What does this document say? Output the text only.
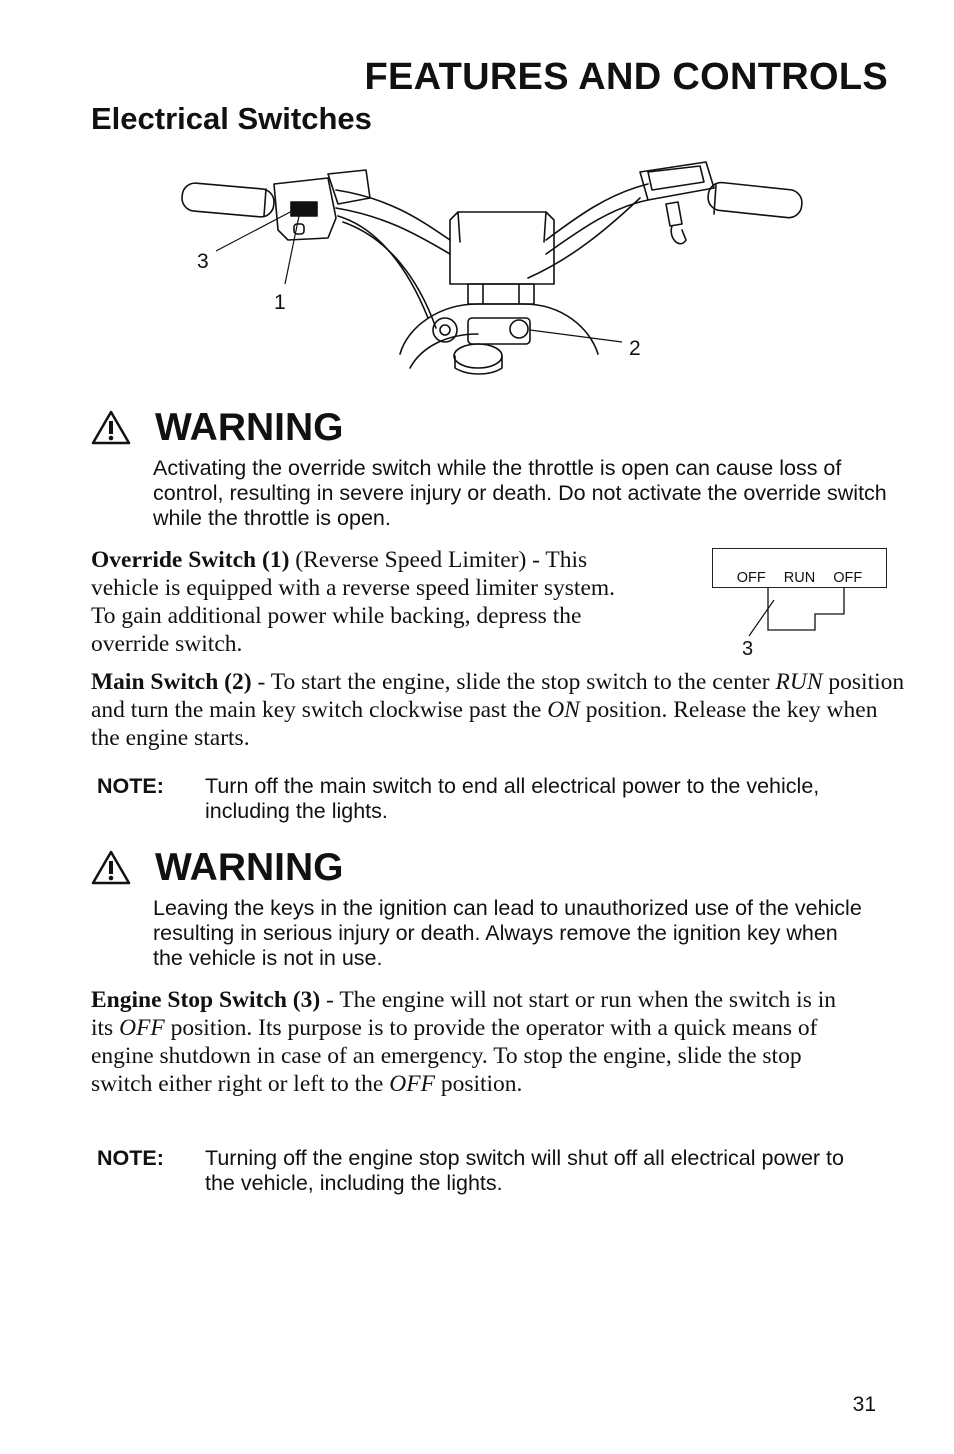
FEATURES AND CONTROLS
Electrical Switches
3
1
2
WARNING
Activating the override switch while the throttle is open can cause loss of control, resulting in severe injury or death. Do not activate the override switch while the throttle is open.
Override Switch (1) (Reverse Speed Limiter) - This vehicle is equipped with a reverse speed limiter system. To gain additional power while backing, depress the override switch.
OFF RUN OFF
3
Main Switch (2) - To start the engine, slide the stop switch to the center RUN position and turn the main key switch clockwise past the ON position. Release the key when the engine starts.
NOTE:	Turn off the main switch to end all electrical power to the vehicle, including the lights.
WARNING
Leaving the keys in the ignition can lead to unauthorized use of the vehicle resulting in serious injury or death. Always remove the ignition key when the vehicle is not in use.
Engine Stop Switch (3) - The engine will not start or run when the switch is in its OFF position. Its purpose is to provide the operator with a quick means of engine shutdown in case of an emergency. To stop the engine, slide the stop switch either right or left to the OFF position.
NOTE:	Turning off the engine stop switch will shut off all electrical power to the vehicle, including the lights.
31
